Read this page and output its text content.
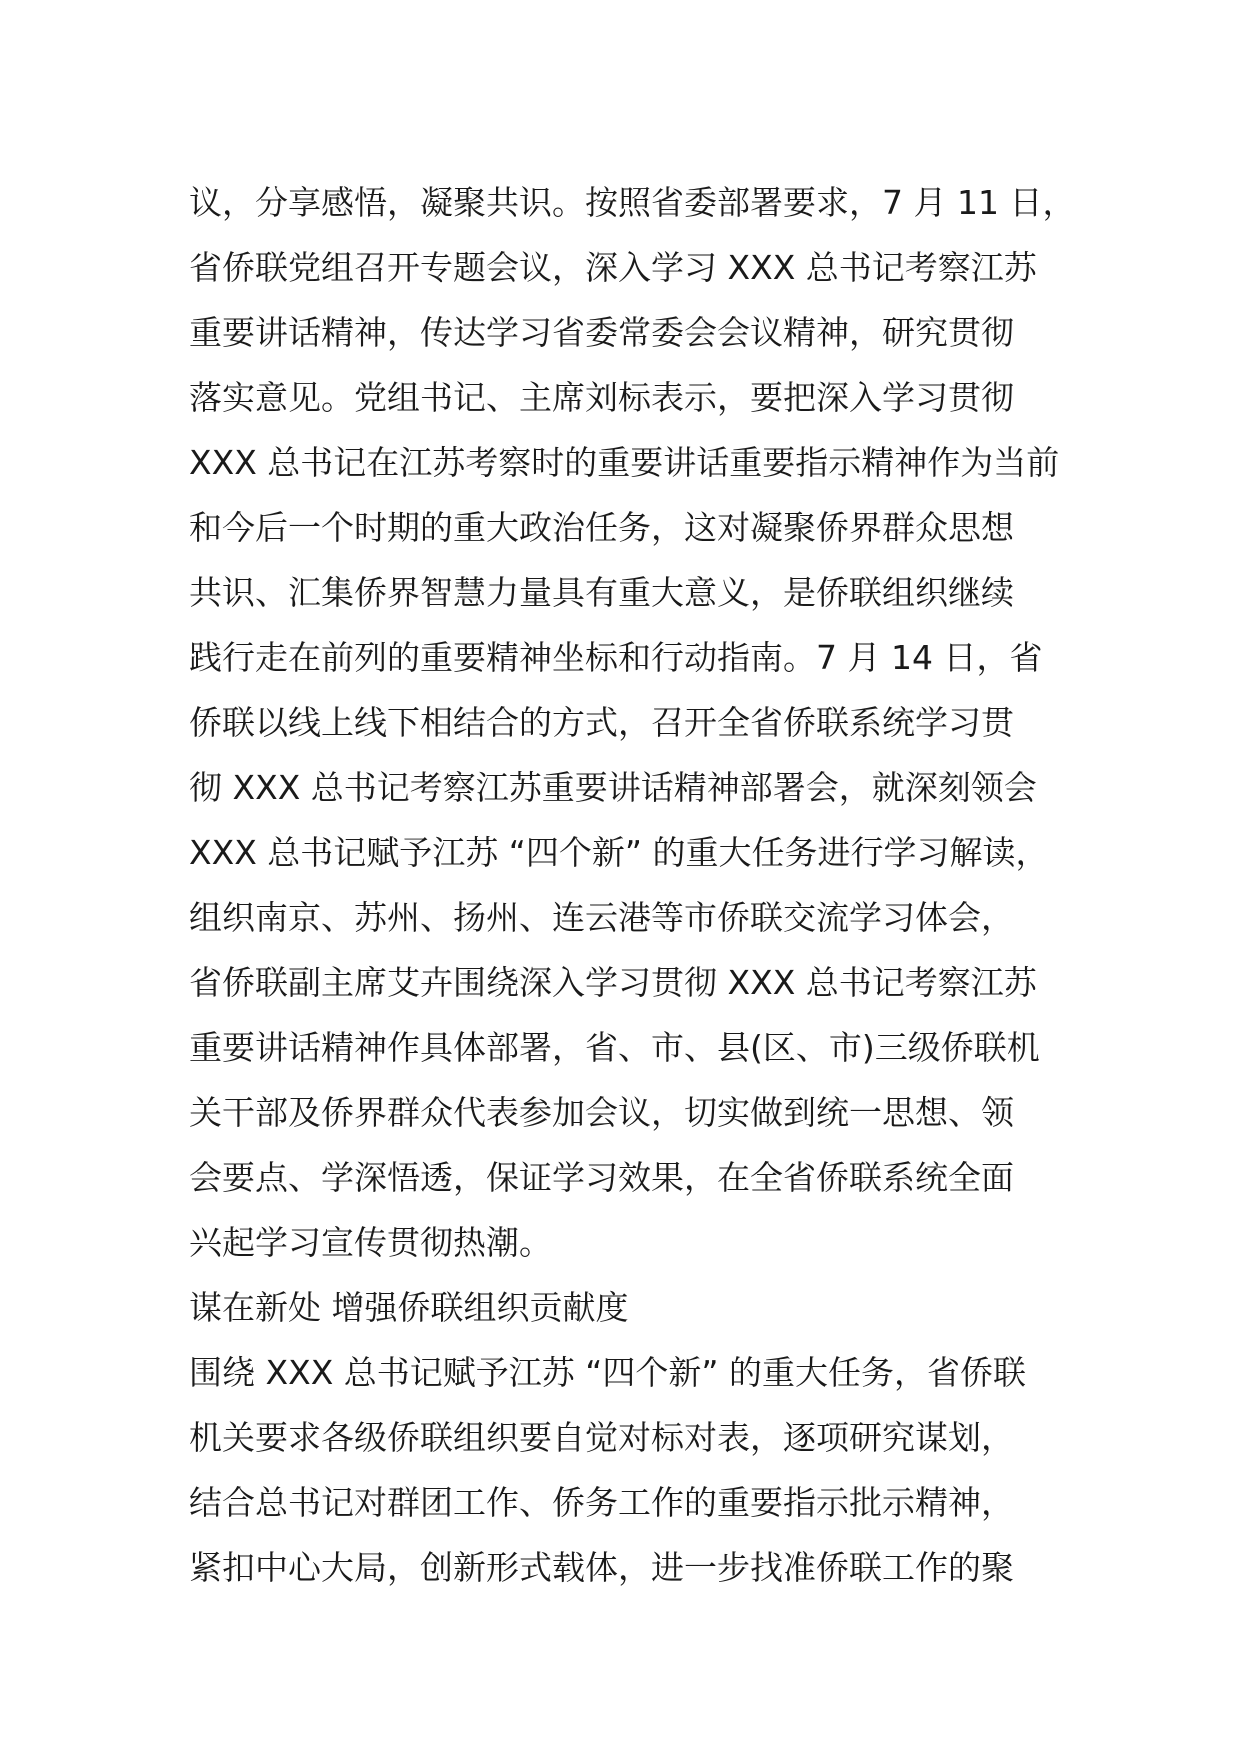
议，分享感悟，凝聚共识。按照省委部署要求，7 月 11 日，
省侨联党组召开专题会议，深入学习 XXX 总书记考察江苏
重要讲话精神，传达学习省委常委会会议精神，研究贯彻
落实意见。党组书记、主席刘标表示，要把深入学习贯彻
XXX 总书记在江苏考察时的重要讲话重要指示精神作为当前
和今后一个时期的重大政治任务，这对凝聚侨界群众思想
共识、汇集侨界智慧力量具有重大意义，是侨联组织继续
践行走在前列的重要精神坐标和行动指南。7 月 14 日，省
侨联以线上线下相结合的方式，召开全省侨联系统学习贯
彻 XXX 总书记考察江苏重要讲话精神部署会，就深刻领会
XXX 总书记赋予江苏 “四个新” 的重大任务进行学习解读，
组织南京、苏州、扬州、连云港等市侨联交流学习体会，
省侨联副主席艾卉围绕深入学习贯彻 XXX 总书记考察江苏
重要讲话精神作具体部署，省、市、县(区、市)三级侨联机
关干部及侨界群众代表参加会议，切实做到统一思想、领
会要点、学深悟透，保证学习效果，在全省侨联系统全面
兴起学习宣传贯彻热潮。
谋在新处 增强侨联组织贡献度
围绕 XXX 总书记赋予江苏 “四个新” 的重大任务，省侨联
机关要求各级侨联组织要自觉对标对表，逐项研究谋划，
结合总书记对群团工作、侨务工作的重要指示批示精神，
紧扣中心大局，创新形式载体，进一步找准侨联工作的聚
